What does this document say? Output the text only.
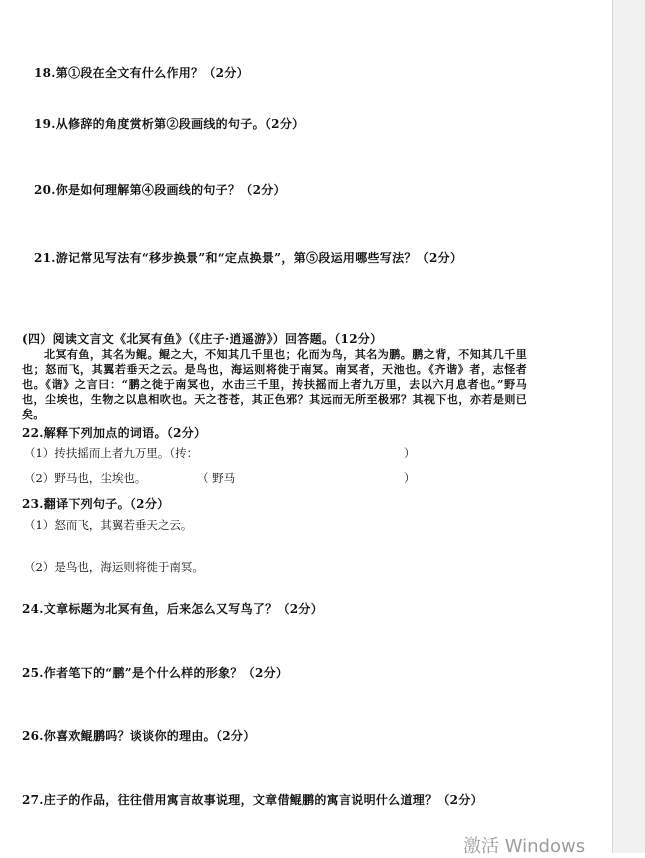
18.第①段在全文有什么作用？（2分）
19.从修辞的角度赏析第②段画线的句子。（2分）
20.你是如何理解第④段画线的句子？（2分）
21.游记常见写法有“移步换景”和“定点换景”，第⑤段运用哪些写法？（2分）
(四）阅读文言文《北冥有鱼》（《庄子·逍遥游》）回答题。（12分）
北冥有鱼，其名为鲲。鲲之大，不知其几千里也；化而为鸟，其名为鹏。鹏之背，不知其几千里也；怒而飞，其翼若垂天之云。是鸟也，海运则将徙于南冥。南冥者，天池也。《齐谐》者，志怪者也。《谐》之言曰：“鹏之徙于南冥也，水击三千里，抟扶摇而上者九万里，去以六月息者也。”野马也，尘埃也，生物之以息相吹也。天之苍苍，其正色邪？其远而无所至极邪？其视下也，亦若是则已矣。
22.解释下列加点的词语。（2分）
（1）抟扶摇而上者九万里。（抟：	）
（2）野马也，尘埃也。	（ 野马	）
23.翻译下列句子。（2分）
（1）怒而飞，其翼若垂天之云。
（2）是鸟也，海运则将徙于南冥。
24.文章标题为北冥有鱼，后来怎么又写鸟了？（2分）
25.作者笔下的“鹏”是个什么样的形象？（2分）
26.你喜欢鲲鹏吗？谈谈你的理由。（2分）
27.庄子的作品，往往借用寓言故事说理，文章借鲲鹏的寓言说明什么道理？（2分）
激活 Windows
